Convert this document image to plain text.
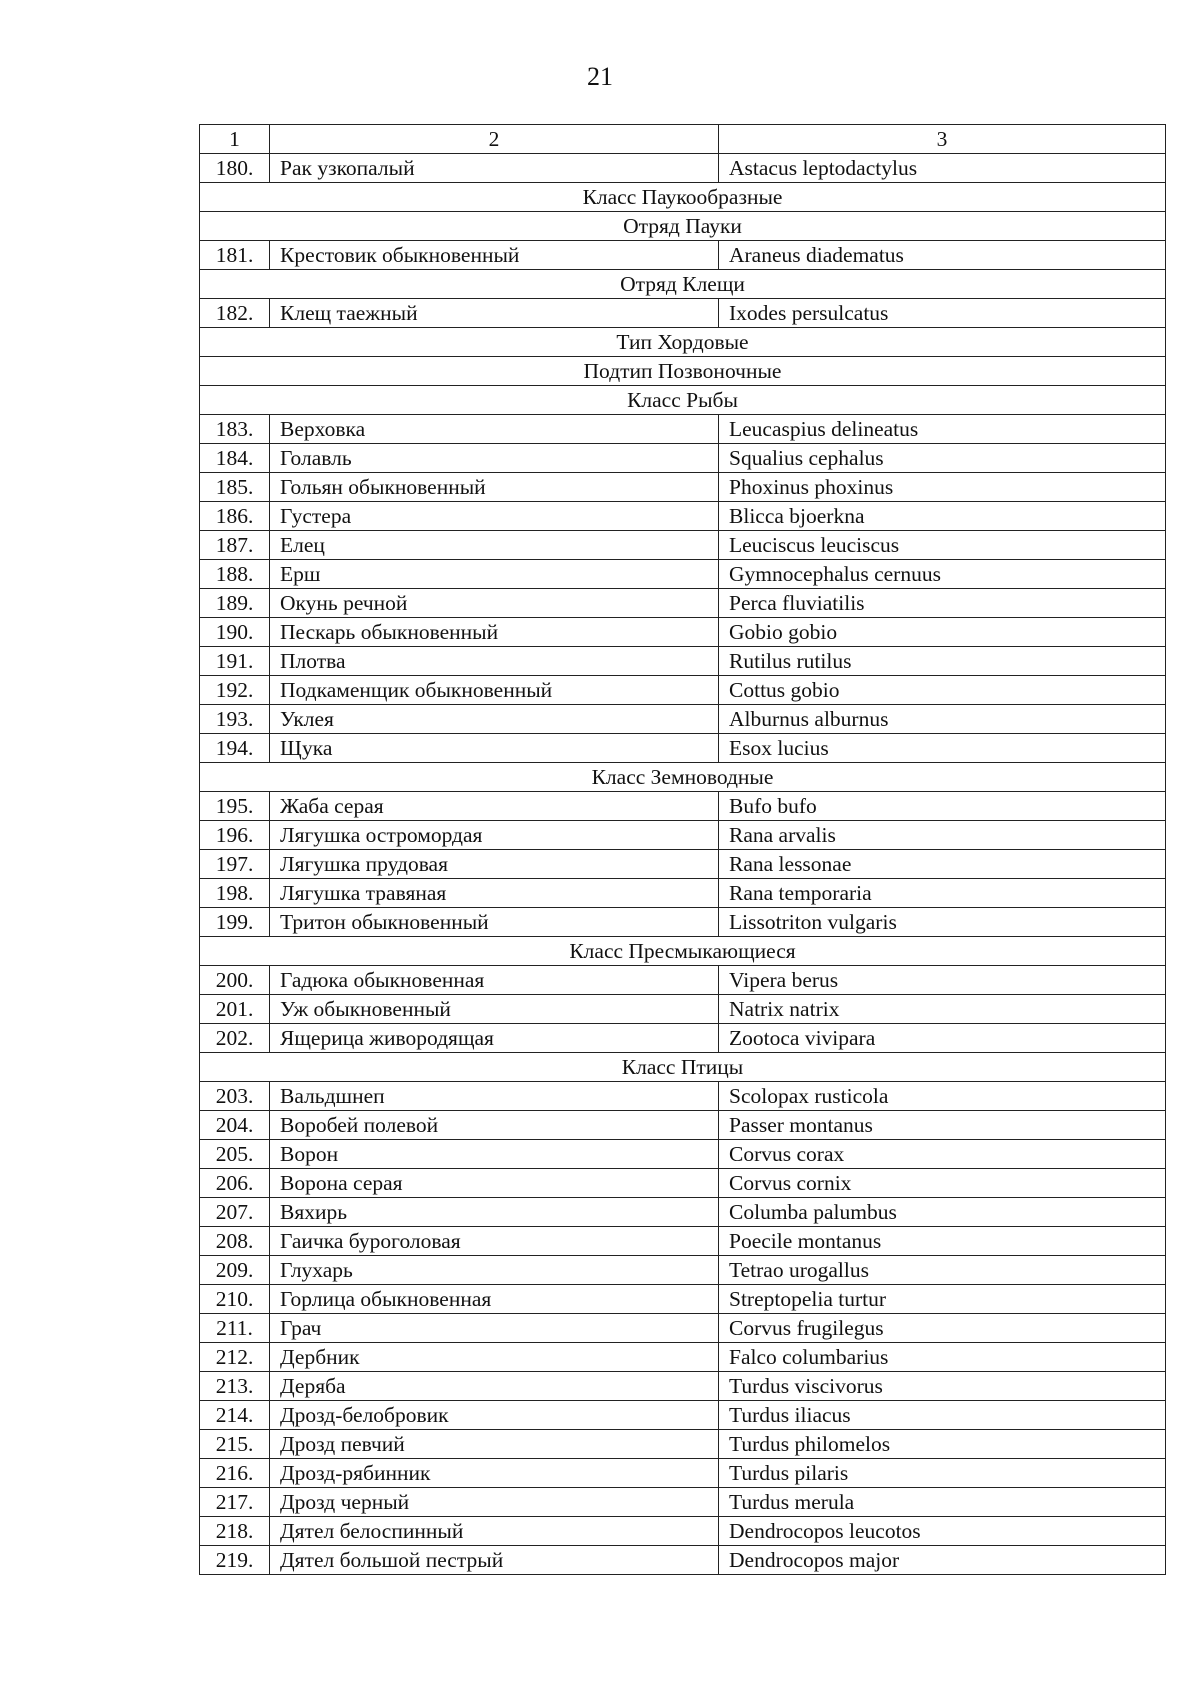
21
1	2	3
180.	Рак узкопалый	Astacus leptodactylus
Класс Паукообразные		
Отряд Пауки		
181.	Крестовик обыкновенный	Araneus diadematus
Отряд Клещи		
182.	Клещ таежный	Ixodes persulcatus
Тип Хордовые		
Подтип Позвоночные		
Класс Рыбы		
183.	Верховка	Leucaspius delineatus
184.	Голавль	Squalius cephalus
185.	Гольян обыкновенный	Phoxinus phoxinus
186.	Густера	Blicca bjoerkna
187.	Елец	Leuciscus leuciscus
188.	Ерш	Gymnocephalus cernuus
189.	Окунь речной	Perca fluviatilis
190.	Пескарь обыкновенный	Gobio gobio
191.	Плотва	Rutilus rutilus
192.	Подкаменщик обыкновенный	Cottus gobio
193.	Уклея	Alburnus alburnus
194.	Щука	Esox lucius
Класс Земноводные		
195.	Жаба серая	Bufo bufo
196.	Лягушка остромордая	Rana arvalis
197.	Лягушка прудовая	Rana lessonae
198.	Лягушка травяная	Rana temporaria
199.	Тритон обыкновенный	Lissotriton vulgaris
Класс Пресмыкающиеся		
200.	Гадюка обыкновенная	Vipera berus
201.	Уж обыкновенный	Natrix natrix
202.	Ящерица живородящая	Zootoca vivipara
Класс Птицы		
203.	Вальдшнеп	Scolopax rusticola
204.	Воробей полевой	Passer montanus
205.	Ворон	Corvus corax
206.	Ворона серая	Corvus cornix
207.	Вяхирь	Columba palumbus
208.	Гаичка буроголовая	Poecile montanus
209.	Глухарь	Tetrao urogallus
210.	Горлица обыкновенная	Streptopelia turtur
211.	Грач	Corvus frugilegus
212.	Дербник	Falco columbarius
213.	Деряба	Turdus viscivorus
214.	Дрозд-белобровик	Turdus iliacus
215.	Дрозд певчий	Turdus philomelos
216.	Дрозд-рябинник	Turdus pilaris
217.	Дрозд черный	Turdus merula
218.	Дятел белоспинный	Dendrocopos leucotos
219.	Дятел большой пестрый	Dendrocopos major
